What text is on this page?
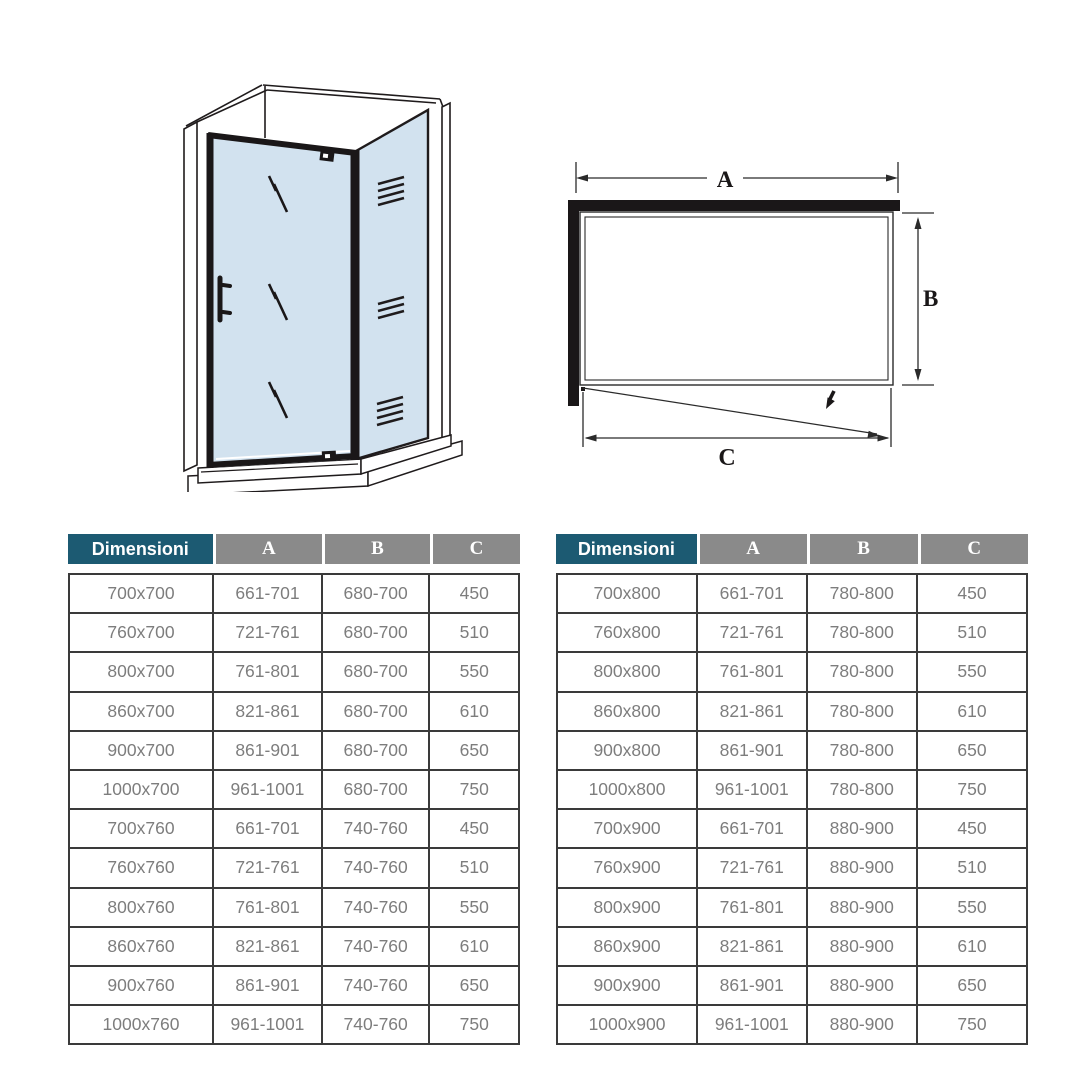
A
B
C
Dimensioni	A	B	C
700x700	661-701	680-700	450
760x700	721-761	680-700	510
800x700	761-801	680-700	550
860x700	821-861	680-700	610
900x700	861-901	680-700	650
1000x700	961-1001	680-700	750
700x760	661-701	740-760	450
760x760	721-761	740-760	510
800x760	761-801	740-760	550
860x760	821-861	740-760	610
900x760	861-901	740-760	650
1000x760	961-1001	740-760	750
Dimensioni	A	B	C
700x800	661-701	780-800	450
760x800	721-761	780-800	510
800x800	761-801	780-800	550
860x800	821-861	780-800	610
900x800	861-901	780-800	650
1000x800	961-1001	780-800	750
700x900	661-701	880-900	450
760x900	721-761	880-900	510
800x900	761-801	880-900	550
860x900	821-861	880-900	610
900x900	861-901	880-900	650
1000x900	961-1001	880-900	750
